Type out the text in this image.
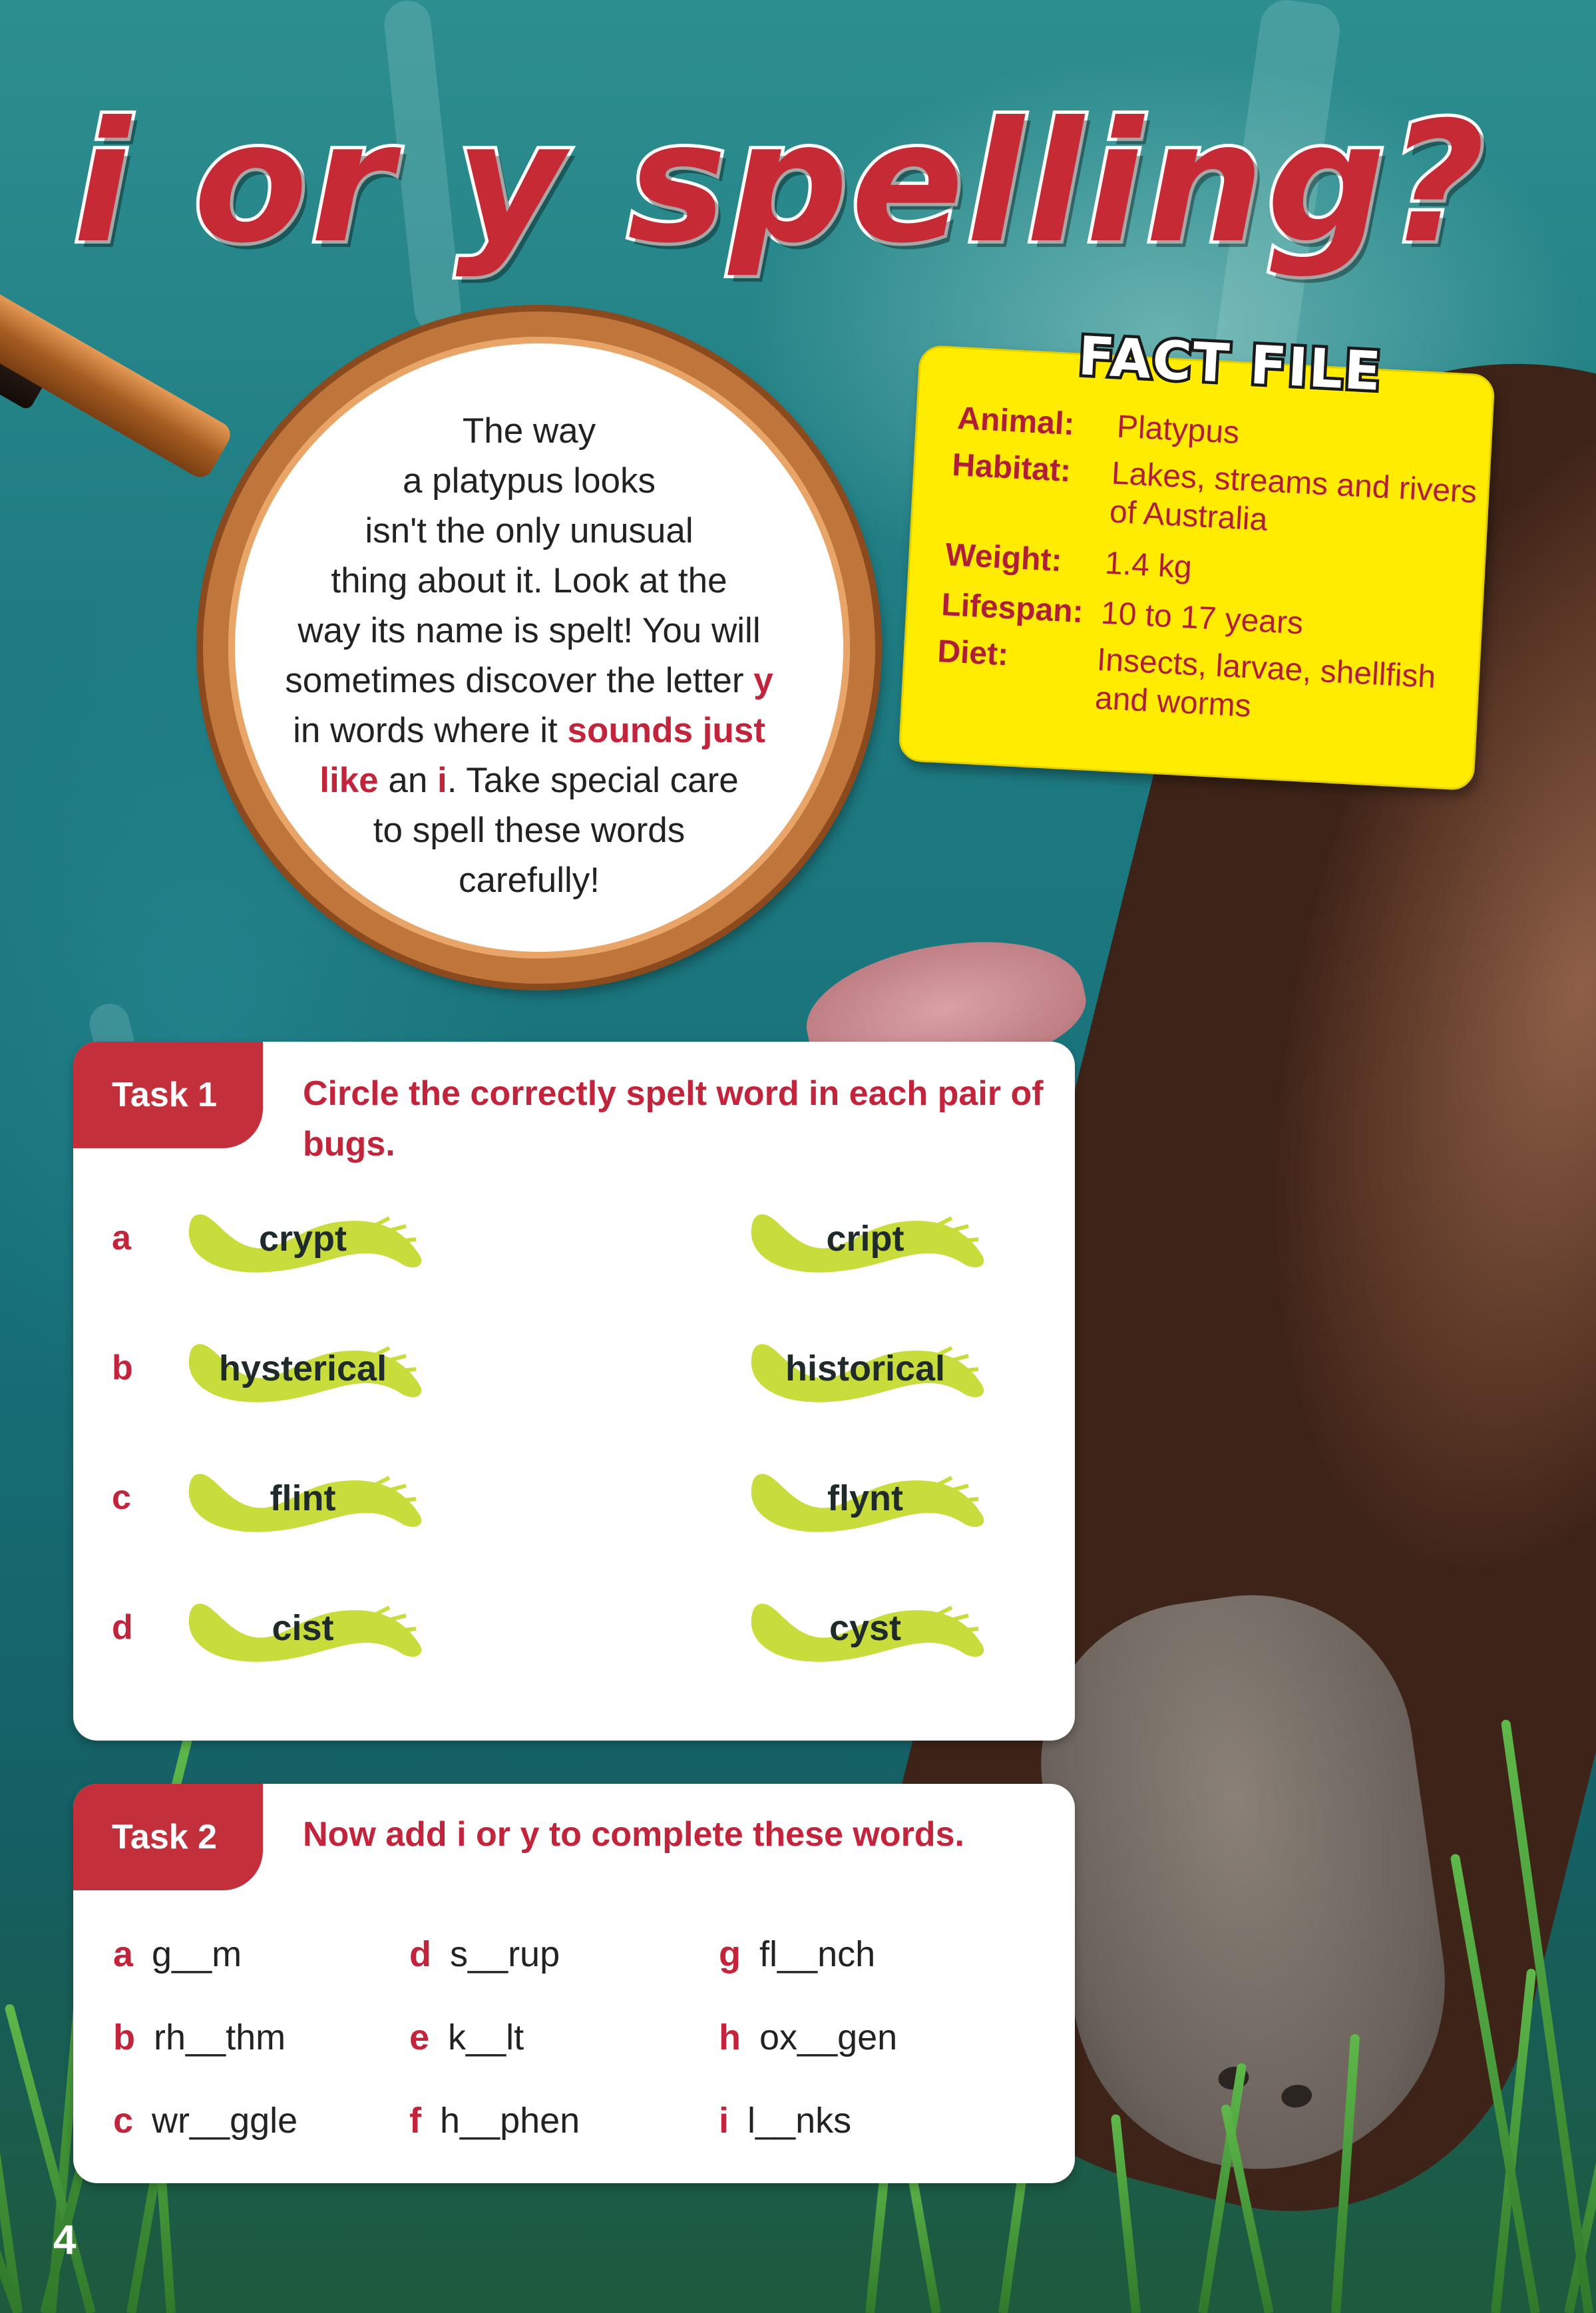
i or y spelling?
The way
a platypus looks
isn't the only unusual
thing about it. Look at the
way its name is spelt! You will
sometimes discover the letter y
in words where it sounds just
like an i. Take special care
to spell these words
carefully!
FACT FILE
Animal: Platypus
Habitat: Lakes, streams and rivers of Australia
Weight: 1.4 kg
Lifespan: 10 to 17 years
Diet:	Insects, larvae, shellfish and worms
Task 1	Circle the correctly spelt word in each pair of bugs.
a	crypt	cript
b	hysterical	historical
c	flint	flynt
d	cist	cyst
Task 2	Now add i or y to complete these words.
a g__m	d s__rup	g fl__nch
b rh__thm	e k__lt	h ox__gen
c wr__ggle	f h__phen	i l__nks
4
